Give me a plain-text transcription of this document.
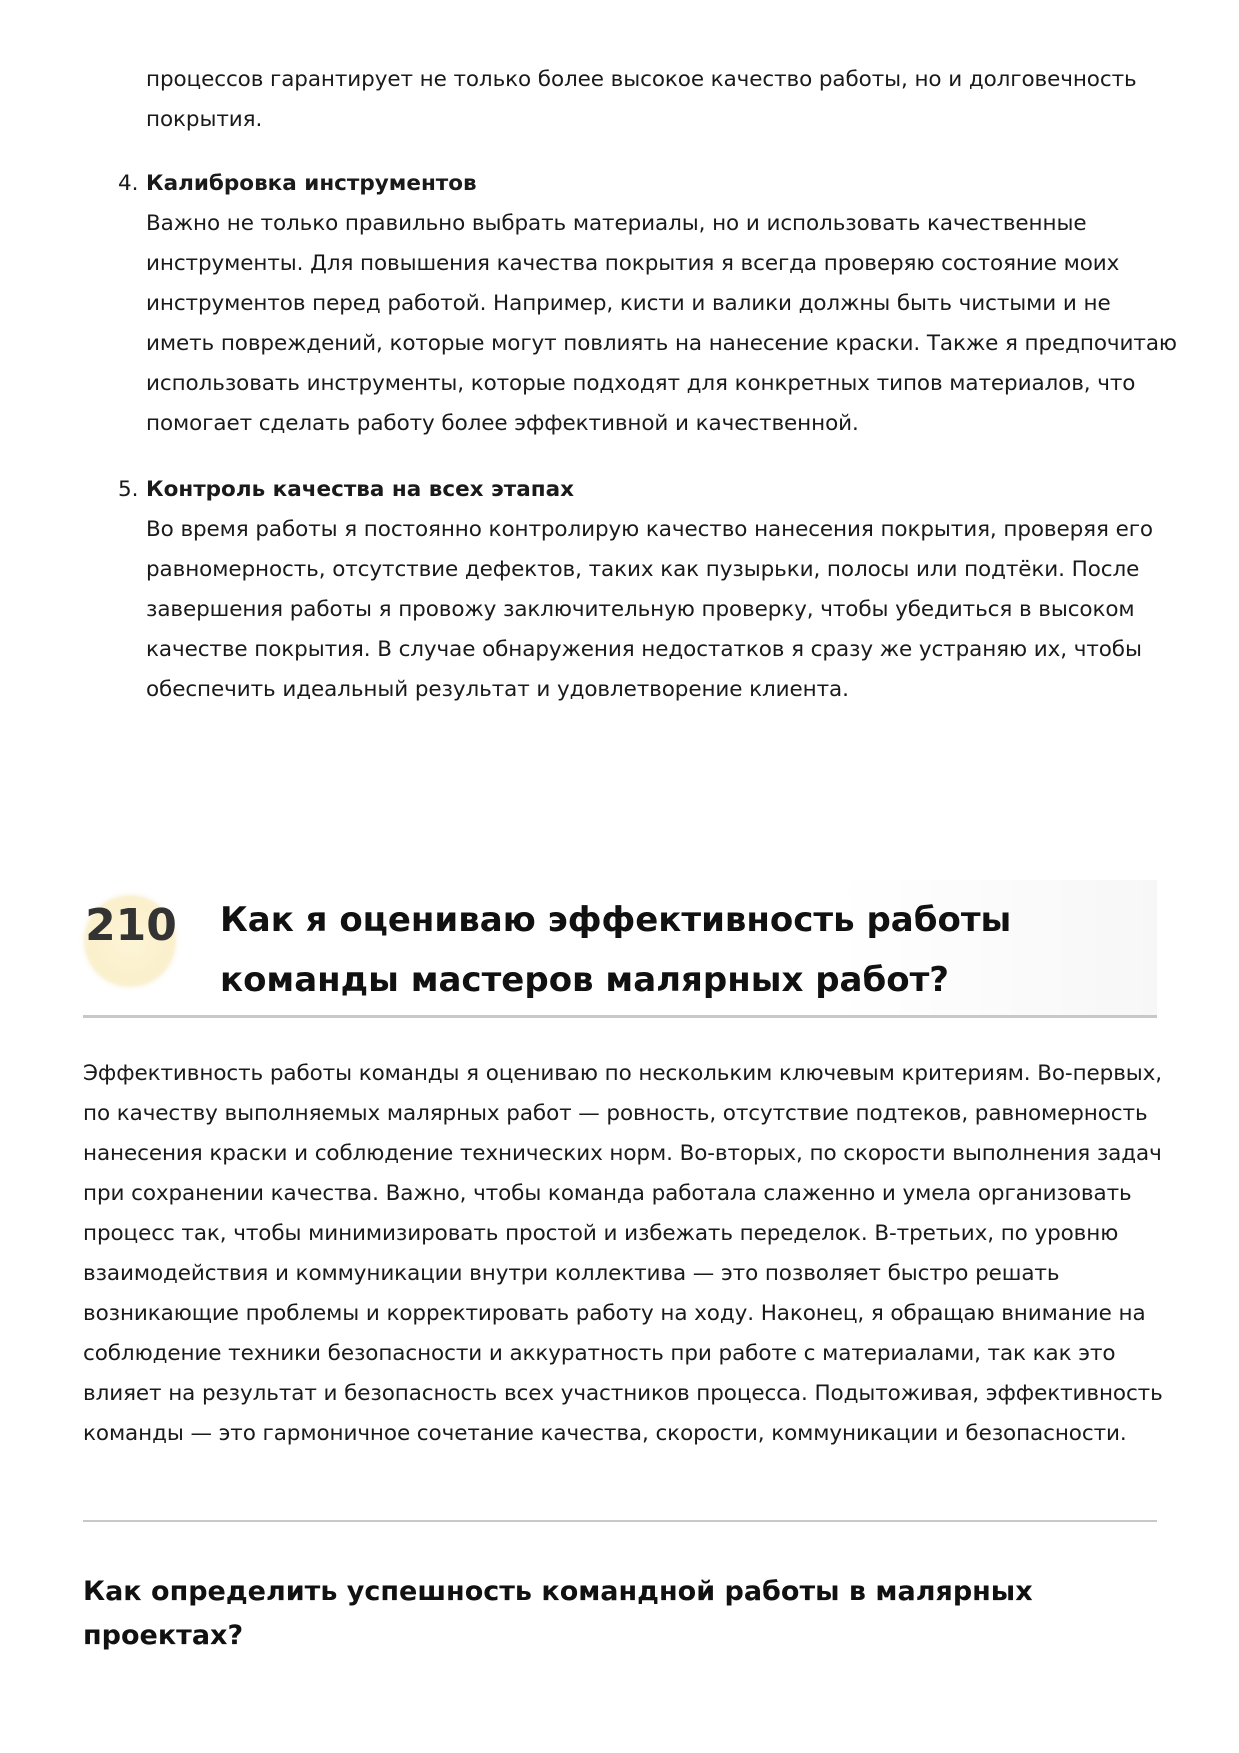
процессов гарантирует не только более высокое качество работы, но и долговечность покрытия.

4. Калибровка инструментов

Важно не только правильно выбрать материалы, но и использовать качественные инструменты. Для повышения качества покрытия я всегда проверяю состояние моих инструментов перед работой. Например, кисти и валики должны быть чистыми и не иметь повреждений, которые могут повлиять на нанесение краски. Также я предпочитаю использовать инструменты, которые подходят для конкретных типов материалов, что помогает сделать работу более эффективной и качественной.

5. Контроль качества на всех этапах

Во время работы я постоянно контролирую качество нанесения покрытия, проверяя его равномерность, отсутствие дефектов, таких как пузырьки, полосы или подтёки. После завершения работы я провожу заключительную проверку, чтобы убедиться в высоком качестве покрытия. В случае обнаружения недостатков я сразу же устраняю их, чтобы обеспечить идеальный результат и удовлетворение клиента.

210 Как я оцениваю эффективность работы команды мастеров малярных работ?

Эффективность работы команды я оцениваю по нескольким ключевым критериям. Во-первых, по качеству выполняемых малярных работ — ровность, отсутствие подтеков, равномерность нанесения краски и соблюдение технических норм. Во-вторых, по скорости выполнения задач при сохранении качества. Важно, чтобы команда работала слаженно и умела организовать процесс так, чтобы минимизировать простой и избежать переделок. В-третьих, по уровню взаимодействия и коммуникации внутри коллектива — это позволяет быстро решать возникающие проблемы и корректировать работу на ходу. Наконец, я обращаю внимание на соблюдение техники безопасности и аккуратность при работе с материалами, так как это влияет на результат и безопасность всех участников процесса. Подытоживая, эффективность команды — это гармоничное сочетание качества, скорости, коммуникации и безопасности.

Как определить успешность командной работы в малярных проектах?
